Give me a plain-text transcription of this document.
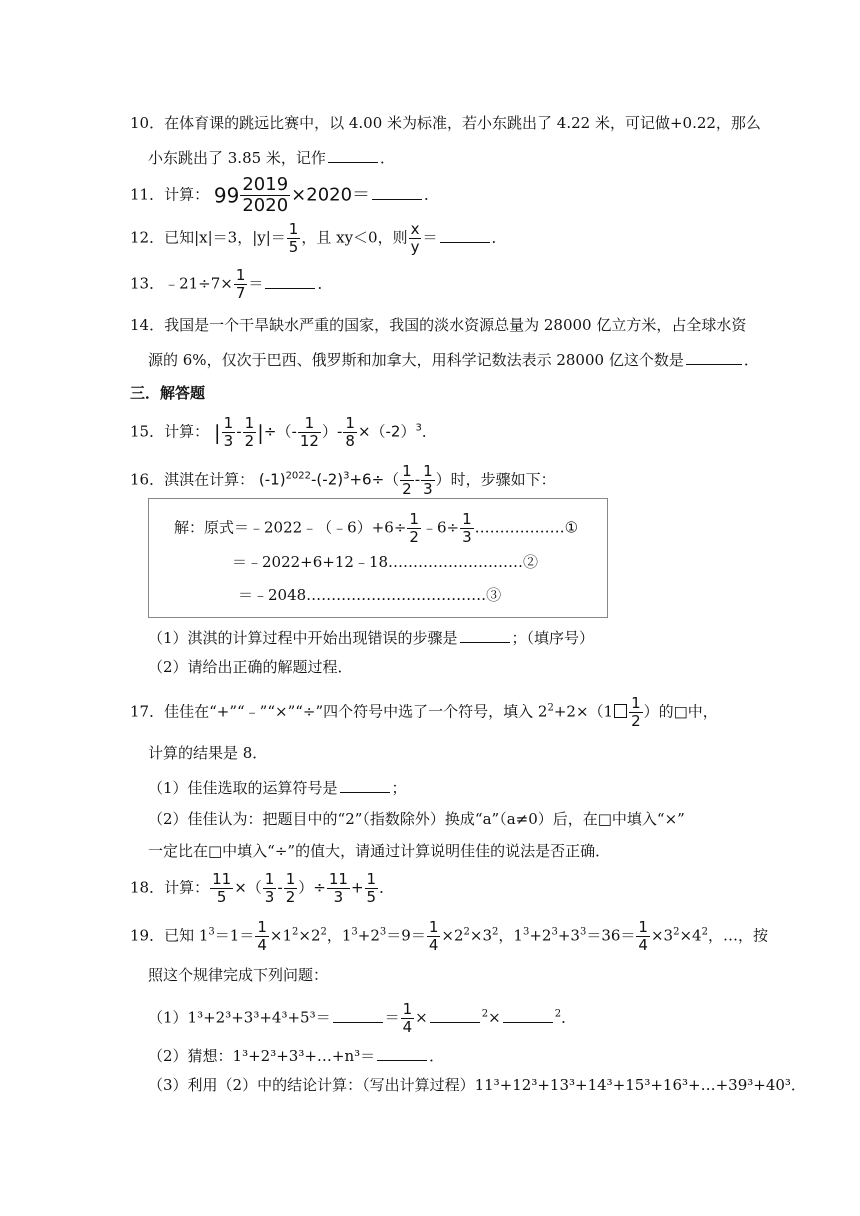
10．在体育课的跳远比赛中，以 4.00 米为标准，若小东跳出了 4.22 米，可记做+0.22，那么
小东跳出了 3.85 米，记作	．
11．计算： $99 \frac{2019}{2020} \times 2020=$	．
12．已知|x|＝3，$|y|= \frac{1}{5}$ ，且 xy＜0，则 $\frac{x}{y}$ ＝	．
13．﹣21÷7× $\frac{1}{7}$ ＝	．
14．我国是一个干旱缺水严重的国家，我国的淡水资源总量为 28000 亿立方米，占全球水资
源的 6%，仅次于巴西、俄罗斯和加拿大，用科学记数法表示 28000 亿这个数是	．
三．解答题
15．计算： | $\frac{1}{3} - \frac{1}{2}$ |÷（- $\frac{1}{12}$ ）- $\frac{1}{8} \times(-2)^3$．
16．淇淇在计算： $(-1)^{2022}-(-2)^3+6\div( \frac{1}{2} - \frac{1}{3}$ ）时，步骤如下：
解：原式＝﹣2022﹣（﹣6）+6÷ $\frac{1}{2}$ ﹣6÷ $\frac{1}{3}$ ………………①
＝﹣2022+6+12﹣18………………………②
＝﹣2048………………………………③
（1）淇淇的计算过程中开始出现错误的步骤是	；（填序号）
（2）请给出正确的解题过程．
17．佳佳在“+”“﹣”“×”“÷”四个符号中选了一个符号，填入 $2^2+2\times(1 \frac{1}{2}$ ）的□中，
计算的结果是 8．
（1）佳佳选取的运算符号是	；
（2）佳佳认为：把题目中的“2”（指数除外）换成“a”（a≠0）后，在□中填入“×”
一定比在□中填入“÷”的值大，请通过计算说明佳佳的说法是否正确．
18．计算： $\frac{11}{5}$ ×（ $\frac{1}{3} - \frac{1}{2}$ ）÷ $\frac{11}{3} + \frac{1}{5}$ ．
19．已知 $1^3=1= \frac{1}{4} \times 1^2\times 2^2$，$1^3+2^3=9= \frac{1}{4} \times 2^2\times 3^2$，$1^3+2^3+3^3=36= \frac{1}{4} \times 3^2\times 4^2$，…，按
照这个规律完成下列问题：
（1）1³+2³+3³+4³+5³＝	＝ $\frac{1}{4}$ ×	$^2$×	$^2$．
（2）猜想：1³+2³+3³+…+n³＝	．
（3）利用（2）中的结论计算：（写出计算过程）11³+12³+13³+14³+15³+16³+…+39³+40³．
